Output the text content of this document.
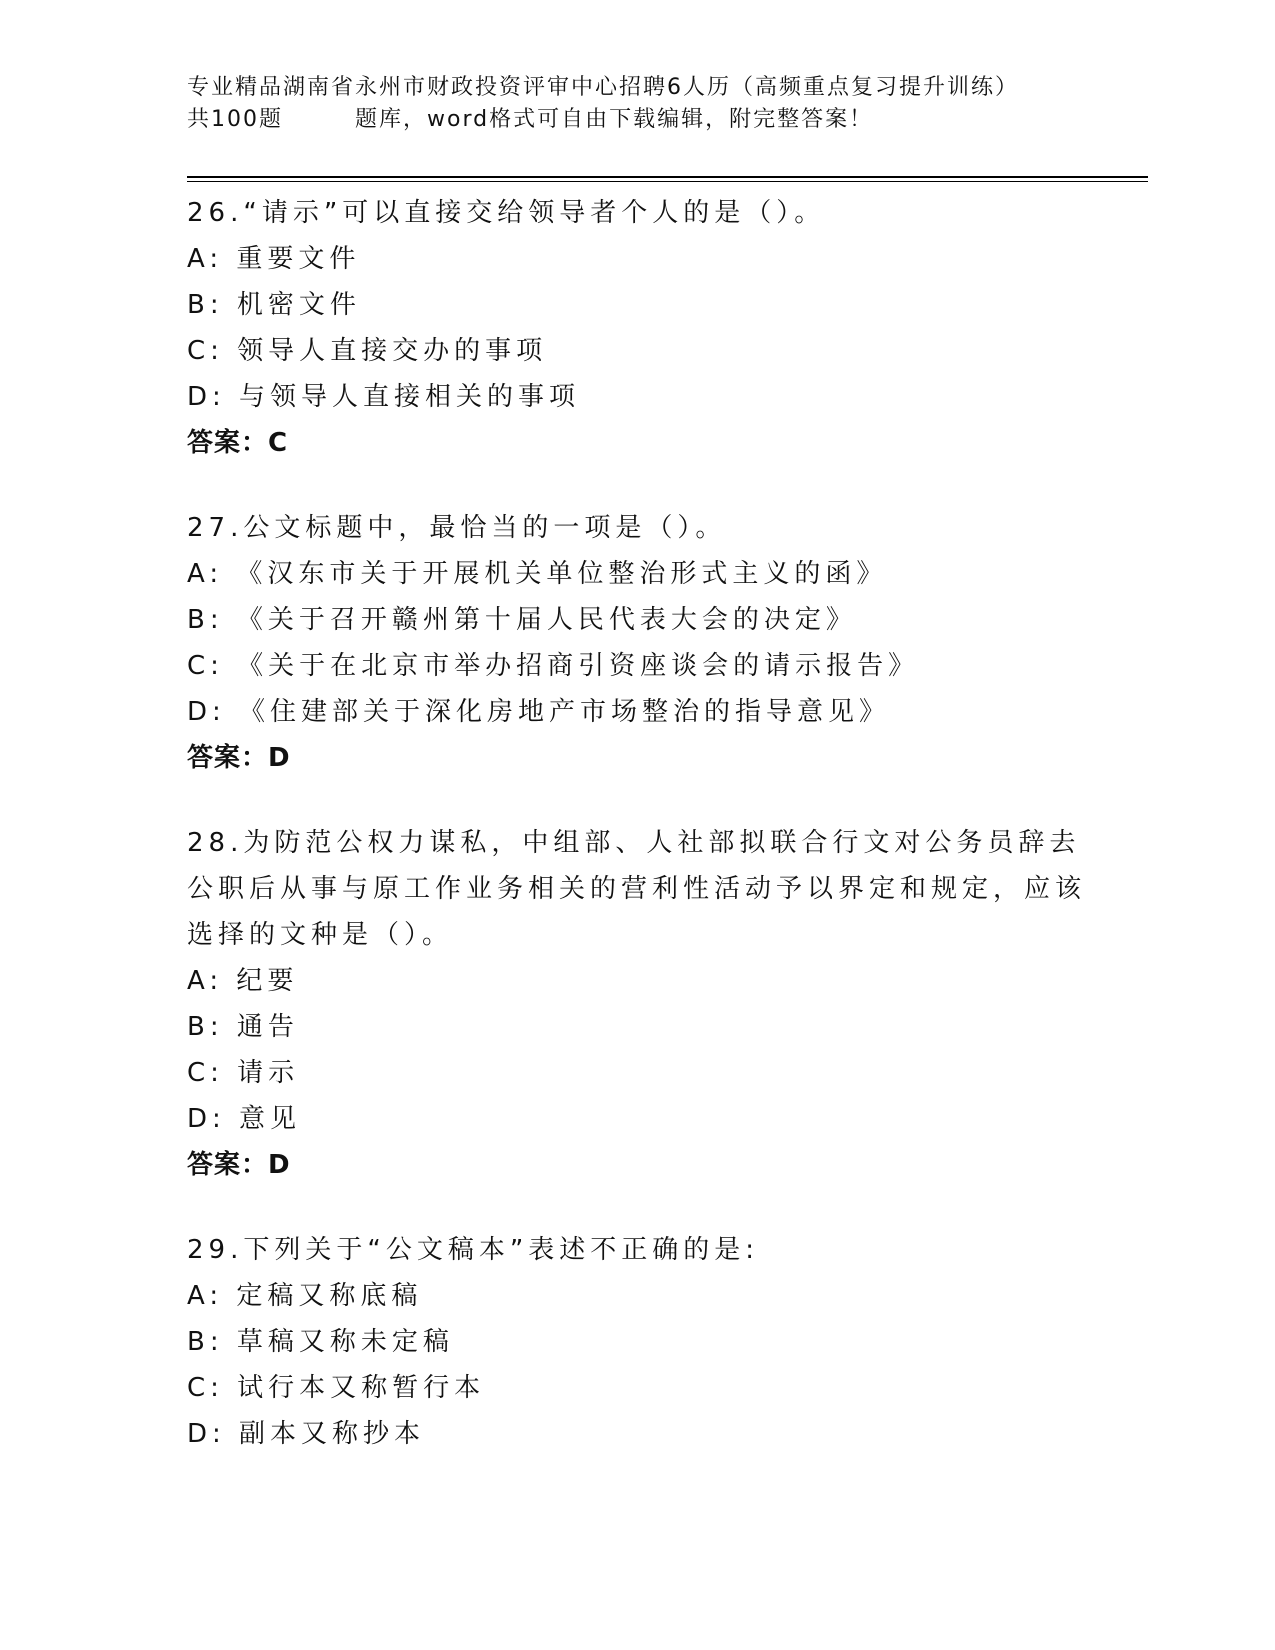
专业精品湖南省永州市财政投资评审中心招聘6人历（高频重点复习提升训练）
共100题　　　题库，word格式可自由下载编辑，附完整答案！
26.“请示”可以直接交给领导者个人的是（）。
A: 重要文件
B: 机密文件
C: 领导人直接交办的事项
D: 与领导人直接相关的事项
答案：C
27.公文标题中，最恰当的一项是（）。
A: 《汉东市关于开展机关单位整治形式主义的函》
B: 《关于召开赣州第十届人民代表大会的决定》
C: 《关于在北京市举办招商引资座谈会的请示报告》
D: 《住建部关于深化房地产市场整治的指导意见》
答案：D
28.为防范公权力谋私，中组部、人社部拟联合行文对公务员辞去公职后从事与原工作业务相关的营利性活动予以界定和规定，应该选择的文种是（）。
A: 纪要
B: 通告
C: 请示
D: 意见
答案：D
29.下列关于“公文稿本”表述不正确的是:
A: 定稿又称底稿
B: 草稿又称未定稿
C: 试行本又称暂行本
D: 副本又称抄本
